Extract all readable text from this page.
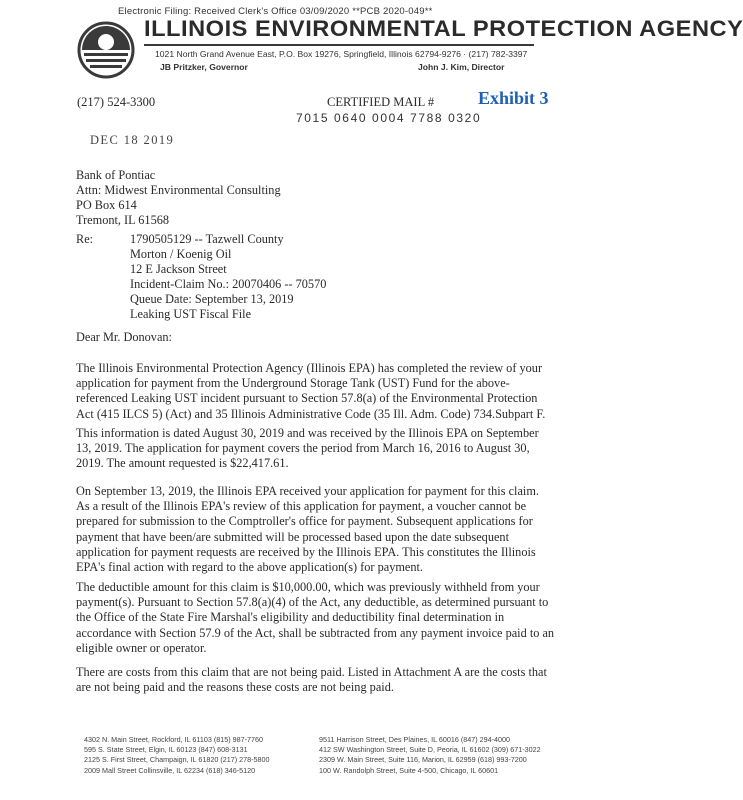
Electronic Filing: Received Clerk's Office 03/09/2020 **PCB 2020-049**
ILLINOIS ENVIRONMENTAL PROTECTION AGENCY
1021 North Grand Avenue East, P.O. Box 19276, Springfield, Illinois 62794-9276 · (217) 782-3397
JB Pritzker, Governor	John J. Kim, Director
(217) 524-3300	CERTIFIED MAIL # Exhibit 3
7015 0640 0004 7788 0320
DEC 18 2019
Bank of Pontiac
Attn: Midwest Environmental Consulting
PO Box 614
Tremont, IL 61568
Re:	1790505129 -- Tazwell County
Morton / Koenig Oil
12 E Jackson Street
Incident-Claim No.: 20070406 -- 70570
Queue Date: September 13, 2019
Leaking UST Fiscal File
Dear Mr. Donovan:
The Illinois Environmental Protection Agency (Illinois EPA) has completed the review of your
application for payment from the Underground Storage Tank (UST) Fund for the above-
referenced Leaking UST incident pursuant to Section 57.8(a) of the Environmental Protection
Act (415 ILCS 5) (Act) and 35 Illinois Administrative Code (35 Ill. Adm. Code) 734.Subpart F.
This information is dated August 30, 2019 and was received by the Illinois EPA on September
13, 2019. The application for payment covers the period from March 16, 2016 to August 30,
2019. The amount requested is $22,417.61.
On September 13, 2019, the Illinois EPA received your application for payment for this claim.
As a result of the Illinois EPA's review of this application for payment, a voucher cannot be
prepared for submission to the Comptroller's office for payment. Subsequent applications for
payment that have been/are submitted will be processed based upon the date subsequent
application for payment requests are received by the Illinois EPA. This constitutes the Illinois
EPA's final action with regard to the above application(s) for payment.
The deductible amount for this claim is $10,000.00, which was previously withheld from your
payment(s). Pursuant to Section 57.8(a)(4) of the Act, any deductible, as determined pursuant to
the Office of the State Fire Marshal's eligibility and deductibility final determination in
accordance with Section 57.9 of the Act, shall be subtracted from any payment invoice paid to an
eligible owner or operator.
There are costs from this claim that are not being paid. Listed in Attachment A are the costs that
are not being paid and the reasons these costs are not being paid.
4302 N. Main Street, Rockford, IL 61103 (815) 987-7760
595 S. State Street, Elgin, IL 60123 (847) 608-3131
2125 S. First Street, Champaign, IL 61820 (217) 278-5800
2009 Mall Street Collinsville, IL 62234 (618) 346-5120
9511 Harrison Street, Des Plaines, IL 60016 (847) 294-4000
412 SW Washington Street, Suite D, Peoria, IL 61602 (309) 671-3022
2309 W. Main Street, Suite 116, Marion, IL 62959 (618) 993-7200
100 W. Randolph Street, Suite 4-500, Chicago, IL 60601
